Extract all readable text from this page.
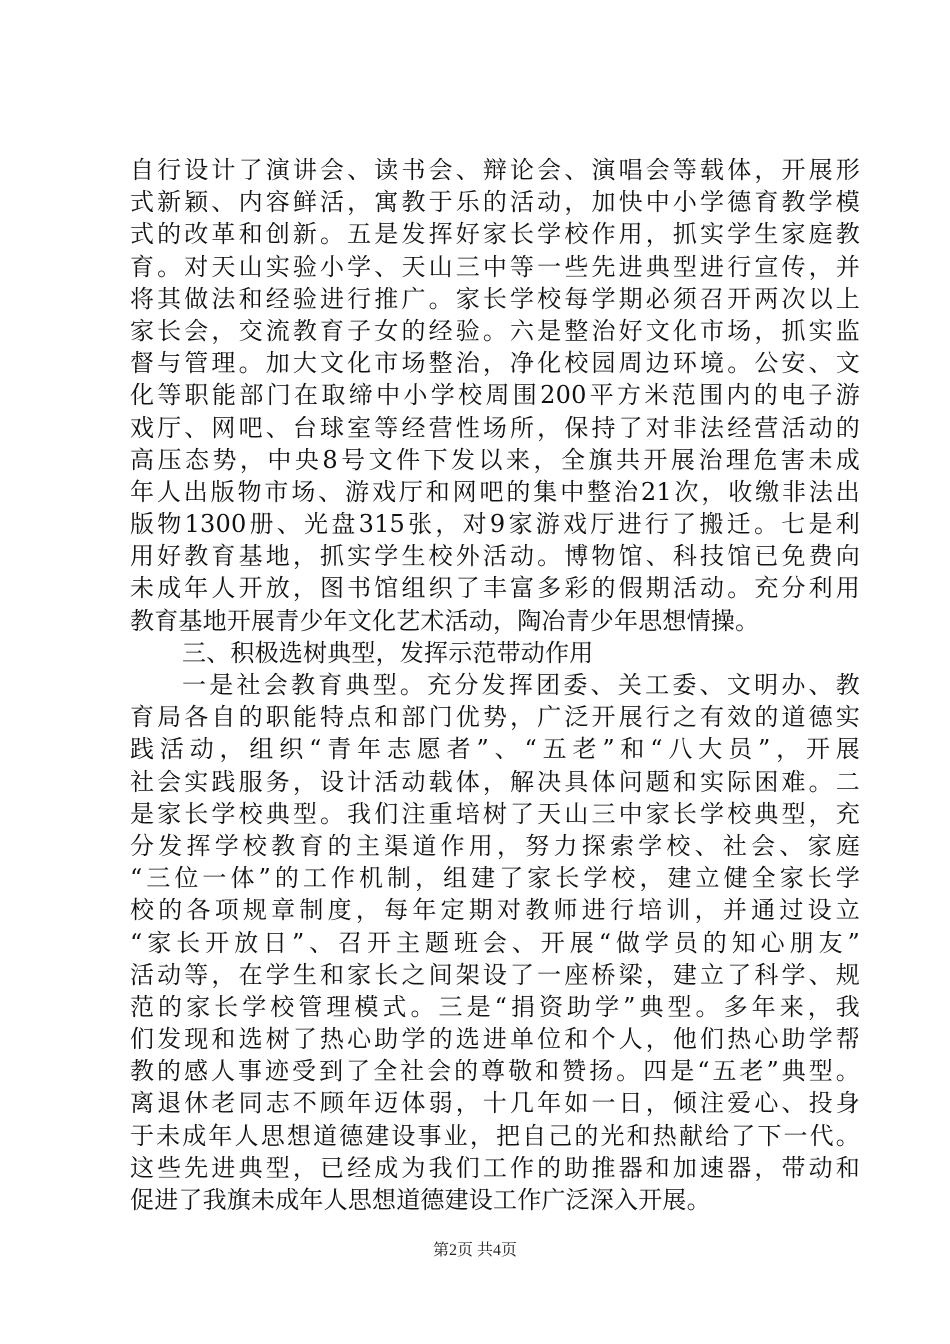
自行设计了演讲会、读书会、辩论会、演唱会等载体，开展形
式新颖、内容鲜活，寓教于乐的活动，加快中小学德育教学模
式的改革和创新。五是发挥好家长学校作用，抓实学生家庭教
育。对天山实验小学、天山三中等一些先进典型进行宣传，并
将其做法和经验进行推广。家长学校每学期必须召开两次以上
家长会，交流教育子女的经验。六是整治好文化市场，抓实监
督与管理。加大文化市场整治，净化校园周边环境。公安、文
化等职能部门在取缔中小学校周围200平方米范围内的电子游
戏厅、网吧、台球室等经营性场所，保持了对非法经营活动的
高压态势，中央8号文件下发以来，全旗共开展治理危害未成
年人出版物市场、游戏厅和网吧的集中整治21次，收缴非法出
版物1300册、光盘315张，对9家游戏厅进行了搬迁。七是利
用好教育基地，抓实学生校外活动。博物馆、科技馆已免费向
未成年人开放，图书馆组织了丰富多彩的假期活动。充分利用
教育基地开展青少年文化艺术活动，陶冶青少年思想情操。
三、积极选树典型，发挥示范带动作用
一是社会教育典型。充分发挥团委、关工委、文明办、教
育局各自的职能特点和部门优势，广泛开展行之有效的道德实
践活动，组织“青年志愿者”、“五老”和“八大员”，开展
社会实践服务，设计活动载体，解决具体问题和实际困难。二
是家长学校典型。我们注重培树了天山三中家长学校典型，充
分发挥学校教育的主渠道作用，努力探索学校、社会、家庭
“三位一体”的工作机制，组建了家长学校，建立健全家长学
校的各项规章制度，每年定期对教师进行培训，并通过设立
“家长开放日”、召开主题班会、开展“做学员的知心朋友”
活动等，在学生和家长之间架设了一座桥梁，建立了科学、规
范的家长学校管理模式。三是“捐资助学”典型。多年来，我
们发现和选树了热心助学的选进单位和个人，他们热心助学帮
教的感人事迹受到了全社会的尊敬和赞扬。四是“五老”典型。
离退休老同志不顾年迈体弱，十几年如一日，倾注爱心、投身
于未成年人思想道德建设事业，把自己的光和热献给了下一代。
这些先进典型，已经成为我们工作的助推器和加速器，带动和
促进了我旗未成年人思想道德建设工作广泛深入开展。
第2页 共4页
